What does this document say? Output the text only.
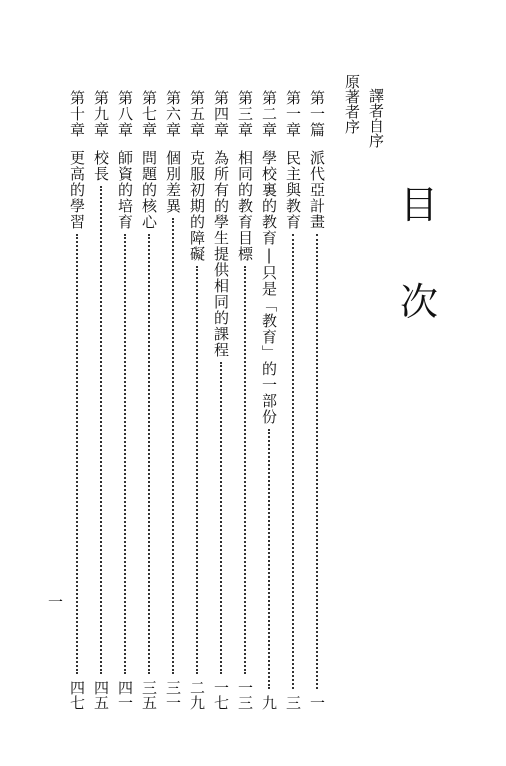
目
次
譯者自序
原著者序
第一篇
派代亞計畫
一
第一章
民主與教育
三
第二章
學校裏的教育|只是「教育」的一部份
九
第三章
相同的教育目標
一三
第四章
為所有的學生提供相同的課程
一七
第五章
克服初期的障礙
二九
第六章
個別差異
三一
第七章
問題的核心
三五
第八章
師資的培育
四一
第九章
校長
四五
第十章
更高的學習
四七
一
